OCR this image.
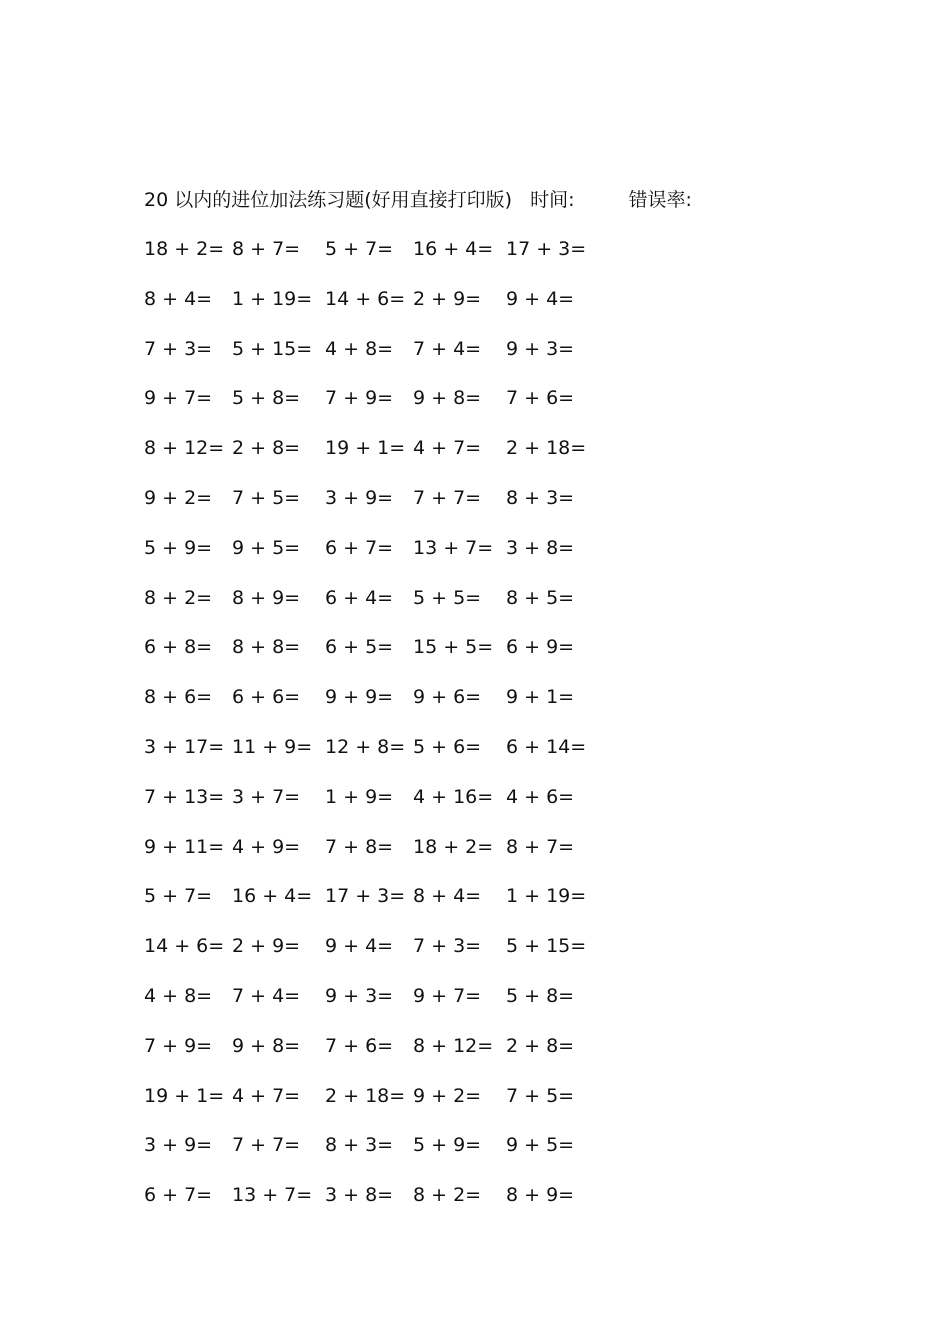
20 以内的进位加法练习题(好用直接打印版) 时间:	错误率:
18 + 2= 8 + 7= 5 + 7= 16 + 4= 17 + 3=
8 + 4= 1 + 19= 14 + 6= 2 + 9= 9 + 4=
7 + 3= 5 + 15= 4 + 8= 7 + 4= 9 + 3=
9 + 7= 5 + 8= 7 + 9= 9 + 8= 7 + 6=
8 + 12= 2 + 8= 19 + 1= 4 + 7= 2 + 18=
9 + 2= 7 + 5= 3 + 9= 7 + 7= 8 + 3=
5 + 9= 9 + 5= 6 + 7= 13 + 7= 3 + 8=
8 + 2= 8 + 9= 6 + 4= 5 + 5= 8 + 5=
6 + 8= 8 + 8= 6 + 5= 15 + 5= 6 + 9=
8 + 6= 6 + 6= 9 + 9= 9 + 6= 9 + 1=
3 + 17= 11 + 9= 12 + 8= 5 + 6= 6 + 14=
7 + 13= 3 + 7= 1 + 9= 4 + 16= 4 + 6=
9 + 11= 4 + 9= 7 + 8= 18 + 2= 8 + 7=
5 + 7= 16 + 4= 17 + 3= 8 + 4= 1 + 19=
14 + 6= 2 + 9= 9 + 4= 7 + 3= 5 + 15=
4 + 8= 7 + 4= 9 + 3= 9 + 7= 5 + 8=
7 + 9= 9 + 8= 7 + 6= 8 + 12= 2 + 8=
19 + 1= 4 + 7= 2 + 18= 9 + 2= 7 + 5=
3 + 9= 7 + 7= 8 + 3= 5 + 9= 9 + 5=
6 + 7= 13 + 7= 3 + 8= 8 + 2= 8 + 9=
